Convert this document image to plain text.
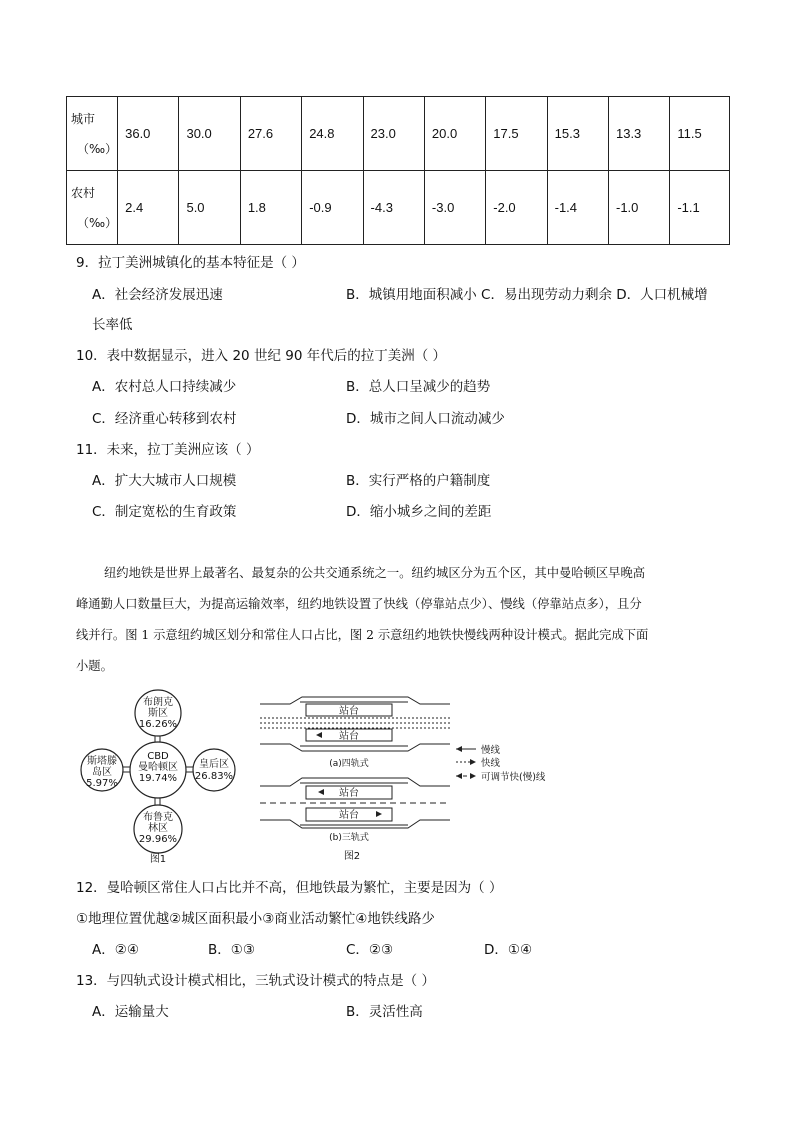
城市
（‰）	36.0	30.0	27.6	24.8	23.0	20.0	17.5	15.3	13.3	11.5
农村
（‰）	2.4	5.0	1.8	-0.9	-4.3	-3.0	-2.0	-1.4	-1.0	-1.1
9．拉丁美洲城镇化的基本特征是（ ）
A．社会经济发展迅速	B．城镇用地面积减小 C．易出现劳动力剩余 D．人口机械增
长率低
10．表中数据显示，进入 20 世纪 90 年代后的拉丁美洲（ ）
A．农村总人口持续减少	B．总人口呈减少的趋势
C．经济重心转移到农村	D．城市之间人口流动减少
11．未来，拉丁美洲应该（ ）
A．扩大大城市人口规模	B．实行严格的户籍制度
C．制定宽松的生育政策	D．缩小城乡之间的差距
纽约地铁是世界上最著名、最复杂的公共交通系统之一。纽约城区分为五个区，其中曼哈顿区早晚高
峰通勤人口数量巨大，为提高运输效率，纽约地铁设置了快线（停靠站点少）、慢线（停靠站点多），且分
线并行。图 1 示意纽约城区划分和常住人口占比，图 2 示意纽约地铁快慢线两种设计模式。据此完成下面
小题。
布朗克
斯区
16.26%
CBD
曼哈顿区
19.74%
斯塔滕
岛区
5.97%
皇后区
26.83%
布鲁克
林区
29.96%
图1
站台
站台
(a)四轨式
站台
站台
(b)三轨式
图2
慢线
快线
可调节快(慢)线
12．曼哈顿区常住人口占比并不高，但地铁最为繁忙，主要是因为（ ）
①地理位置优越②城区面积最小③商业活动繁忙④地铁线路少
A．②④	B．①③	C．②③	D．①④
13．与四轨式设计模式相比，三轨式设计模式的特点是（ ）
A．运输量大	B．灵活性高
